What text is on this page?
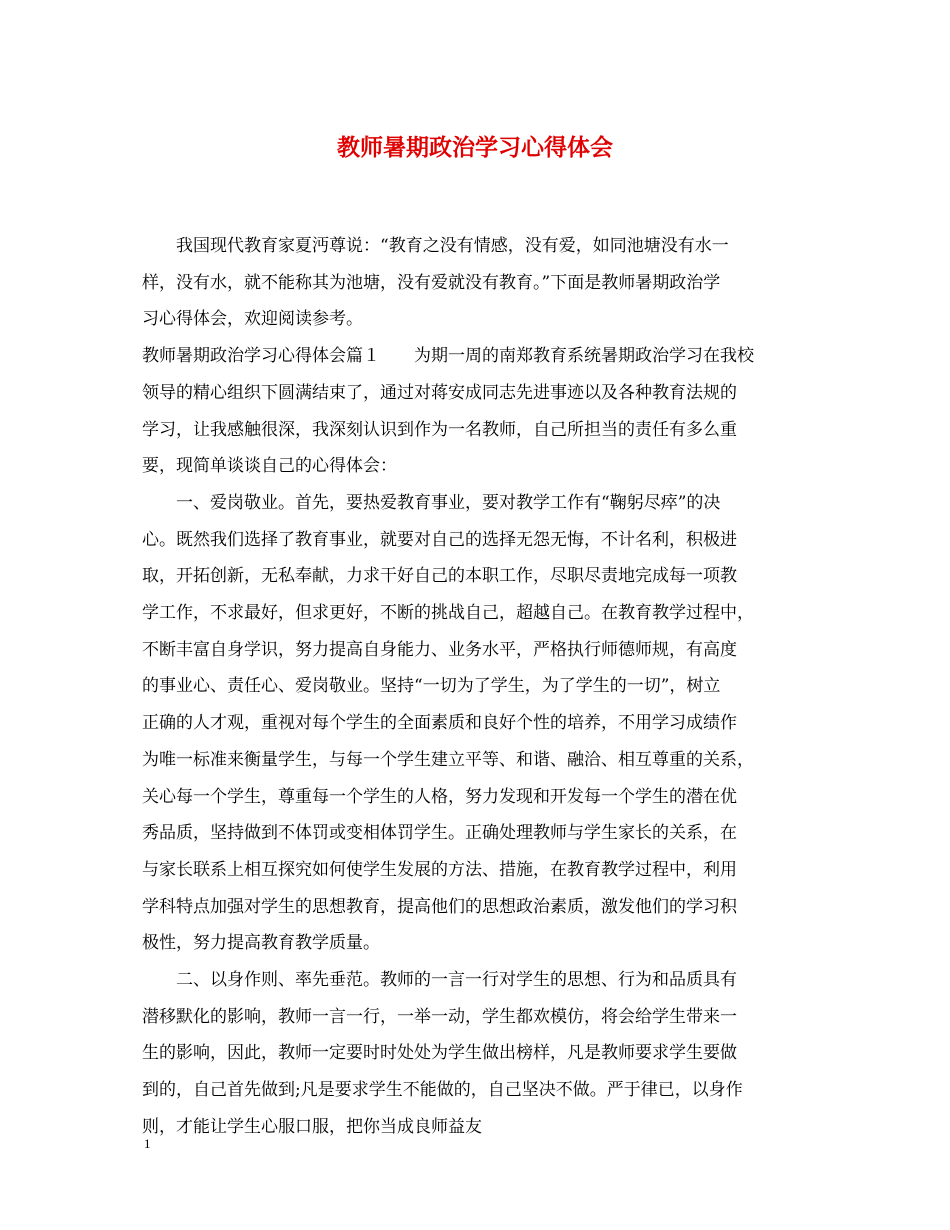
教师暑期政治学习心得体会
　　我国现代教育家夏沔尊说：“教育之没有情感，没有爱，如同池塘没有水一
样，没有水，就不能称其为池塘，没有爱就没有教育。”下面是教师暑期政治学
习心得体会，欢迎阅读参考。
教师暑期政治学习心得体会篇１　　为期一周的南郑教育系统暑期政治学习在我校
领导的精心组织下圆满结束了，通过对蒋安成同志先进事迹以及各种教育法规的
学习，让我感触很深，我深刻认识到作为一名教师，自己所担当的责任有多么重
要，现简单谈谈自己的心得体会：
　　一、爱岗敬业。首先，要热爱教育事业，要对教学工作有“鞠躬尽瘁”的决
心。既然我们选择了教育事业，就要对自己的选择无怨无悔，不计名利，积极进
取，开拓创新，无私奉献，力求干好自己的本职工作，尽职尽责地完成每一项教
学工作，不求最好，但求更好，不断的挑战自己，超越自己。在教育教学过程中，
不断丰富自身学识，努力提高自身能力、业务水平，严格执行师德师规，有高度
的事业心、责任心、爱岗敬业。坚持“一切为了学生，为了学生的一切”，树立
正确的人才观，重视对每个学生的全面素质和良好个性的培养，不用学习成绩作
为唯一标准来衡量学生，与每一个学生建立平等、和谐、融洽、相互尊重的关系，
关心每一个学生，尊重每一个学生的人格，努力发现和开发每一个学生的潜在优
秀品质，坚持做到不体罚或变相体罚学生。正确处理教师与学生家长的关系，在
与家长联系上相互探究如何使学生发展的方法、措施，在教育教学过程中，利用
学科特点加强对学生的思想教育，提高他们的思想政治素质，激发他们的学习积
极性，努力提高教育教学质量。
　　二、以身作则、率先垂范。教师的一言一行对学生的思想、行为和品质具有
潜移默化的影响，教师一言一行，一举一动，学生都欢模仿，将会给学生带来一
生的影响，因此，教师一定要时时处处为学生做出榜样，凡是教师要求学生要做
到的，自己首先做到;凡是要求学生不能做的，自己坚决不做。严于律已，以身作
则，才能让学生心服口服，把你当成良师益友
1
